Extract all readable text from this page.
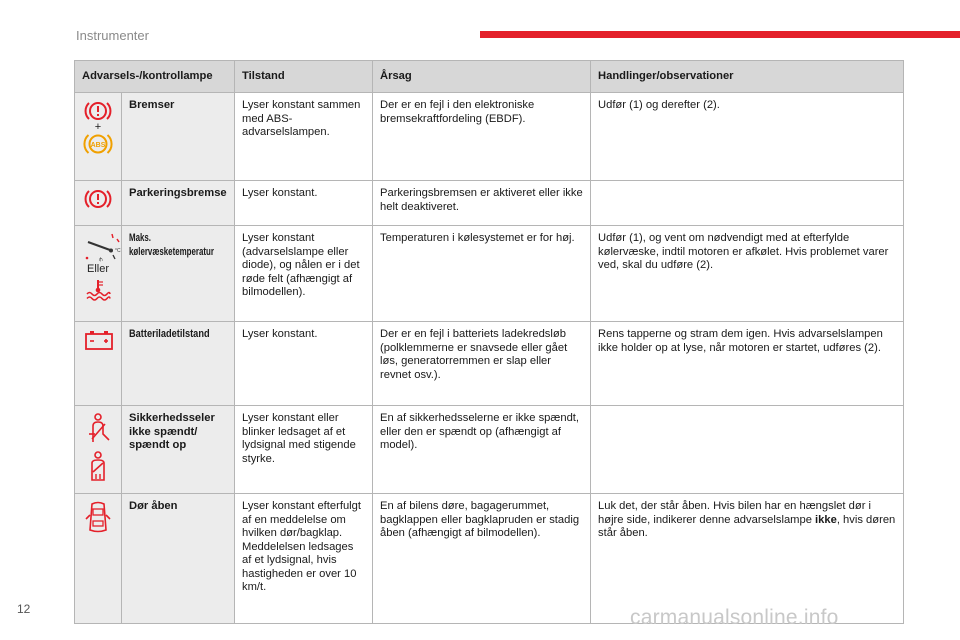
Instrumenter
Advarsels-/kontrollampe		Tilstand	Årsag	Handlinger/observationer

+
ABS	Bremser	Lyser konstant sammen med ABS-advarselslampen.	Der er en fejl i den elektroniske bremsekraftfordeling (EBDF).	Udfør (1) og derefter (2).

	Parkeringsbremse	Lyser konstant.	Parkeringsbremsen er aktiveret eller ikke helt deaktiveret.	

°C
⫛
Eller	Maks. kølervæsketemperatur	Lyser konstant (advarselslampe eller diode), og nålen er i det røde felt (afhængigt af bilmodellen).	Temperaturen i kølesystemet er for høj.	Udfør (1), og vent om nødvendigt med at efterfylde kølervæske, indtil motoren er afkølet. Hvis problemet varer ved, skal du udføre (2).

	Batteriladetilstand	Lyser konstant.	Der er en fejl i batteriets ladekredsløb (polklemmerne er snavsede eller gået løs, generatorremmen er slap eller revnet osv.).	Rens tapperne og stram dem igen. Hvis advarselslampen ikke holder op at lyse, når motoren er startet, udføres (2).

	Sikkerhedsseler ikke spændt/ spændt op	Lyser konstant eller blinker ledsaget af et lydsignal med stigende styrke.	En af sikkerhedsselerne er ikke spændt, eller den er spændt op (afhængigt af model).	

	Dør åben	Lyser konstant efterfulgt af en meddelelse om hvilken dør/bagklap. Meddelelsen ledsages af et lydsignal, hvis hastigheden er over 10 km/t.	En af bilens døre, bagagerummet, bagklappen eller bagklapruden er stadig åben (afhængigt af bilmodellen).	Luk det, der står åben. Hvis bilen har en hængslet dør i højre side, indikerer denne advarselslampe ikke, hvis døren står åben.
12	carmanualsonline.info
